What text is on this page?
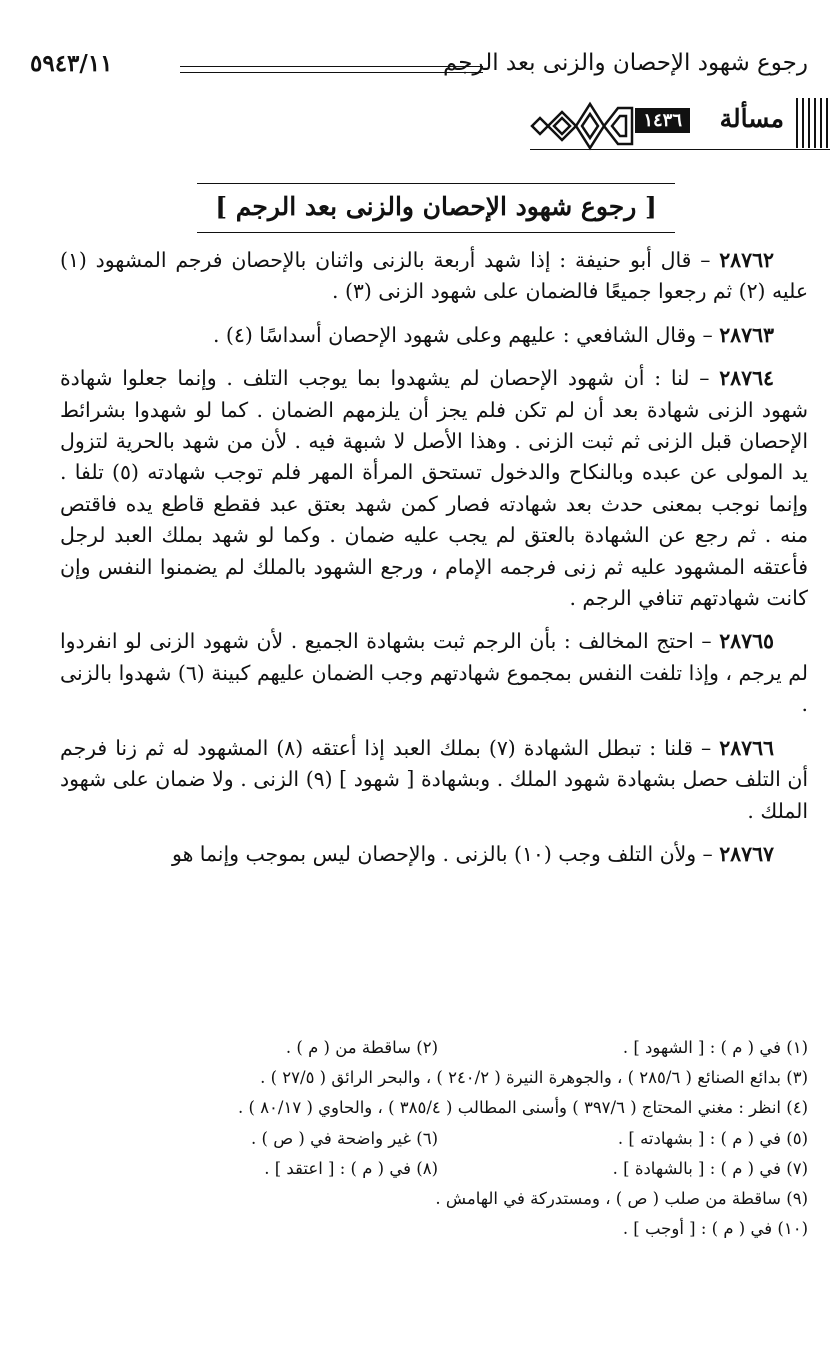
رجوع شهود الإحصان والزنى بعد الرجم
٥٩٤٣/١١
مسألة
١٤٣٦
[ رجوع شهود الإحصان والزنى بعد الرجم ]

٢٨٧٦٢ – قال أبو حنيفة : إذا شهد أربعة بالزنى واثنان بالإحصان فرجم المشهود (١) عليه (٢) ثم رجعوا جميعًا فالضمان على شهود الزنى (٣) .

٢٨٧٦٣ – وقال الشافعي : عليهم وعلى شهود الإحصان أسداسًا (٤) .

٢٨٧٦٤ – لنا : أن شهود الإحصان لم يشهدوا بما يوجب التلف . وإنما جعلوا شهادة شهود الزنى شهادة بعد أن لم تكن فلم يجز أن يلزمهم الضمان . كما لو شهدوا بشرائط الإحصان قبل الزنى ثم ثبت الزنى . وهذا الأصل لا شبهة فيه . لأن من شهد بالحرية لتزول يد المولى عن عبده وبالنكاح والدخول تستحق المرأة المهر فلم توجب شهادته (٥) تلفا . وإنما نوجب بمعنى حدث بعد شهادته فصار كمن شهد بعتق عبد فقطع قاطع يده فاقتص منه . ثم رجع عن الشهادة بالعتق لم يجب عليه ضمان . وكما لو شهد بملك العبد لرجل فأعتقه المشهود عليه ثم زنى فرجمه الإمام ، ورجع الشهود بالملك لم يضمنوا النفس وإن كانت شهادتهم تنافي الرجم .

٢٨٧٦٥ – احتج المخالف : بأن الرجم ثبت بشهادة الجميع . لأن شهود الزنى لو انفردوا لم يرجم ، وإذا تلفت النفس بمجموع شهادتهم وجب الضمان عليهم كبينة (٦) شهدوا بالزنى .

٢٨٧٦٦ – قلنا : تبطل الشهادة (٧) بملك العبد إذا أعتقه (٨) المشهود له ثم زنا فرجم أن التلف حصل بشهادة شهود الملك . وبشهادة [ شهود ] (٩) الزنى . ولا ضمان على شهود الملك .

٢٨٧٦٧ – ولأن التلف وجب (١٠) بالزنى . والإحصان ليس بموجب وإنما هو

(١) في ( م ) : [ الشهود ] .(٢) ساقطة من ( م ) .
(٣) بدائع الصنائع ( ٢٨٥/٦ ) ، والجوهرة النيرة ( ٢٤٠/٢ ) ، والبحر الرائق ( ٢٧/٥ ) .
(٤) انظر : مغني المحتاج ( ٣٩٧/٦ ) وأسنى المطالب ( ٣٨٥/٤ ) ، والحاوي ( ٨٠/١٧ ) .
(٥) في ( م ) : [ بشهادته ] .(٦) غير واضحة في ( ص ) .
(٧) في ( م ) : [ بالشهادة ] .(٨) في ( م ) : [ اعتقد ] .
(٩) ساقطة من صلب ( ص ) ، ومستدركة في الهامش .
(١٠) في ( م ) : [ أوجب ] .
